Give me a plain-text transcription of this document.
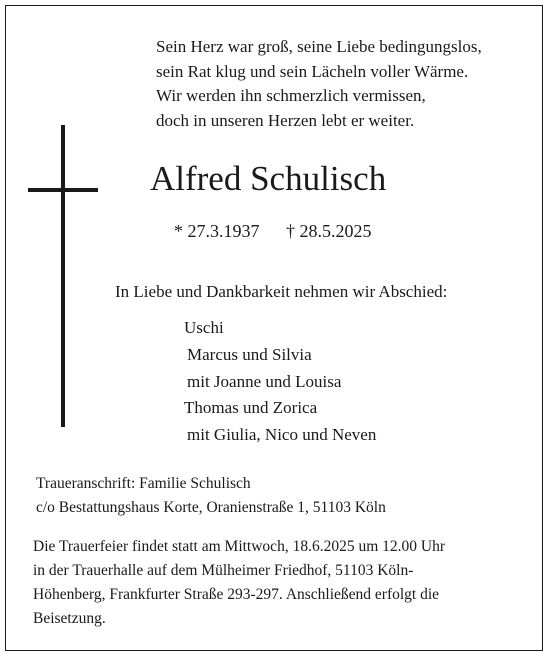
Sein Herz war groß, seine Liebe bedingungslos,
sein Rat klug und sein Lächeln voller Wärme.
Wir werden ihn schmerzlich vermissen,
doch in unseren Herzen lebt er weiter.
Alfred Schulisch
* 27.3.1937 † 28.5.2025
In Liebe und Dankbarkeit nehmen wir Abschied:
Uschi
Marcus und Silvia
mit Joanne und Louisa
Thomas und Zorica
mit Giulia, Nico und Neven
Traueranschrift: Familie Schulisch
c/o Bestattungshaus Korte, Oranienstraße 1, 51103 Köln
Die Trauerfeier findet statt am Mittwoch, 18.6.2025 um 12.00 Uhr
in der Trauerhalle auf dem Mülheimer Friedhof, 51103 Köln-
Höhenberg, Frankfurter Straße 293-297. Anschließend erfolgt die
Beisetzung.
